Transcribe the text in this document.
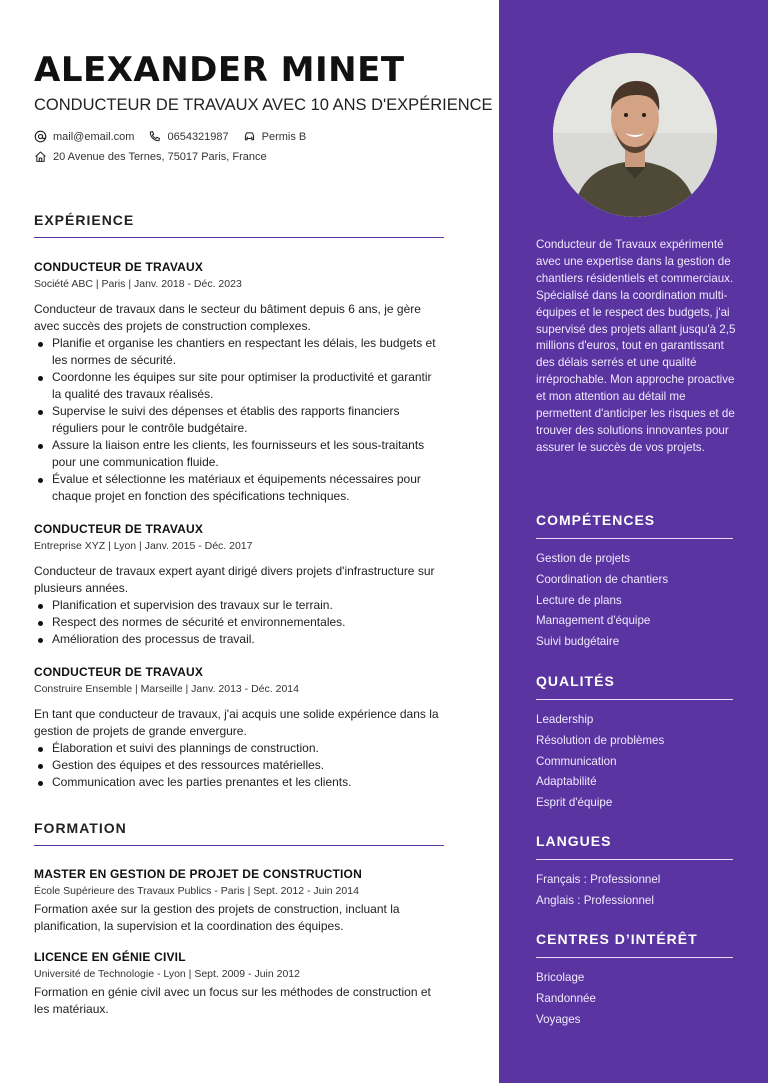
ALEXANDER MINET
CONDUCTEUR DE TRAVAUX AVEC 10 ANS D'EXPÉRIENCE
mail@email.com	0654321987	Permis B
20 Avenue des Ternes, 75017 Paris, France
EXPÉRIENCE
CONDUCTEUR DE TRAVAUX
Société ABC | Paris | Janv. 2018 - Déc. 2023
Conducteur de travaux dans le secteur du bâtiment depuis 6 ans, je gère avec succès des projets de construction complexes.
Planifie et organise les chantiers en respectant les délais, les budgets et les normes de sécurité.
Coordonne les équipes sur site pour optimiser la productivité et garantir la qualité des travaux réalisés.
Supervise le suivi des dépenses et établis des rapports financiers réguliers pour le contrôle budgétaire.
Assure la liaison entre les clients, les fournisseurs et les sous-traitants pour une communication fluide.
Évalue et sélectionne les matériaux et équipements nécessaires pour chaque projet en fonction des spécifications techniques.
CONDUCTEUR DE TRAVAUX
Entreprise XYZ | Lyon | Janv. 2015 - Déc. 2017
Conducteur de travaux expert ayant dirigé divers projets d'infrastructure sur plusieurs années.
Planification et supervision des travaux sur le terrain.
Respect des normes de sécurité et environnementales.
Amélioration des processus de travail.
CONDUCTEUR DE TRAVAUX
Construire Ensemble | Marseille | Janv. 2013 - Déc. 2014
En tant que conducteur de travaux, j'ai acquis une solide expérience dans la gestion de projets de grande envergure.
Élaboration et suivi des plannings de construction.
Gestion des équipes et des ressources matérielles.
Communication avec les parties prenantes et les clients.
FORMATION
MASTER EN GESTION DE PROJET DE CONSTRUCTION
École Supérieure des Travaux Publics - Paris | Sept. 2012 - Juin 2014
Formation axée sur la gestion des projets de construction, incluant la planification, la supervision et la coordination des équipes.
LICENCE EN GÉNIE CIVIL
Université de Technologie - Lyon | Sept. 2009 - Juin 2012
Formation en génie civil avec un focus sur les méthodes de construction et les matériaux.
Conducteur de Travaux expérimenté avec une expertise dans la gestion de chantiers résidentiels et commerciaux. Spécialisé dans la coordination multi-équipes et le respect des budgets, j'ai supervisé des projets allant jusqu'à 2,5 millions d'euros, tout en garantissant des délais serrés et une qualité irréprochable. Mon approche proactive et mon attention au détail me permettent d'anticiper les risques et de trouver des solutions innovantes pour assurer le succès de vos projets.
COMPÉTENCES
Gestion de projets
Coordination de chantiers
Lecture de plans
Management d'équipe
Suivi budgétaire
QUALITÉS
Leadership
Résolution de problèmes
Communication
Adaptabilité
Esprit d'équipe
LANGUES
Français : Professionnel
Anglais : Professionnel
CENTRES D’INTÉRÊT
Bricolage
Randonnée
Voyages
